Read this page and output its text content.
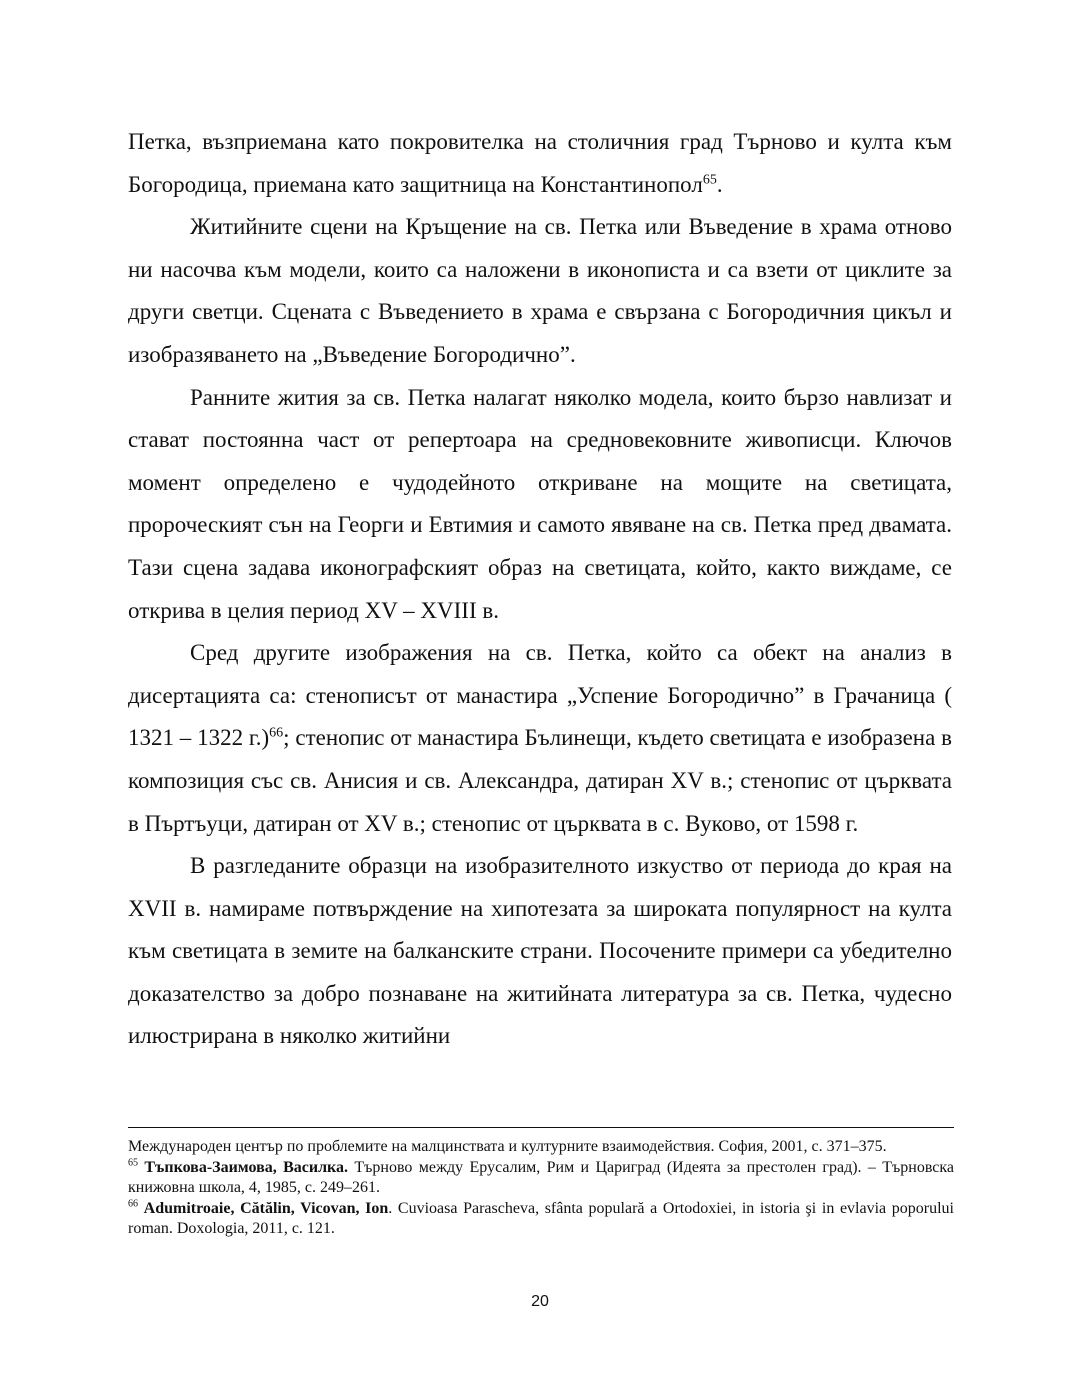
Петка, възприемана като покровителка на столичния град Търново и култа към Богородица, приемана като защитница на Константинопол$^{65}$.

Житийните сцени на Кръщение на св. Петка или Въведение в храма отново ни насочва към модели, които са наложени в иконописта и са взети от циклите за други светци. Сцената с Въведението в храма е свързана с Богородичния цикъл и изобразяването на „Въведение Богородично”.

Ранните жития за св. Петка налагат няколко модела, които бързо навлизат и стават постоянна част от репертоара на средновековните живописци. Ключов момент определено е чудодейното откриване на мощите на светицата, пророческият сън на Георги и Евтимия и самото явяване на св. Петка пред двамата. Тази сцена задава иконографският образ на светицата, който, както виждаме, се открива в целия период XV – XVIII в.

Сред другите изображения на св. Петка, който са обект на анализ в дисертацията са: стенописът от манастира „Успение Богородично” в Грачаница ( 1321 – 1322 г.)$^{66}$; стенопис от манастира Бълинещи, където светицата е изобразена в композиция със св. Анисия и св. Александра, датиран XV в.; стенопис от църквата в Пъртъуци, датиран от XV в.; стенопис от църквата в с. Вуково, от 1598 г.

В разгледаните образци на изобразителното изкуство от периода до края на XVII в. намираме потвърждение на хипотезата за широката популярност на култа към светицата в земите на балканските страни. Посочените примери са убедително доказателство за добро познаване на житийната литература за св. Петка, чудесно илюстрирана в няколко житийни

Международен център по проблемите на малцинствата и културните взаимодействия. София, 2001, с. 371–375.

$^{65}$ Тъпкова-Заимова, Василка. Търново между Ерусалим, Рим и Цариград (Идеята за престолен град). – Търновска книжовна школа, 4, 1985, с. 249–261.

$^{66}$ Adumitroaie, Cătălin, Vicovan, Ion. Cuvioasa Parascheva, sfânta populară a Ortodoxiei, in istoria şi in evlavia poporului roman. Doxologia, 2011, с. 121.

20
